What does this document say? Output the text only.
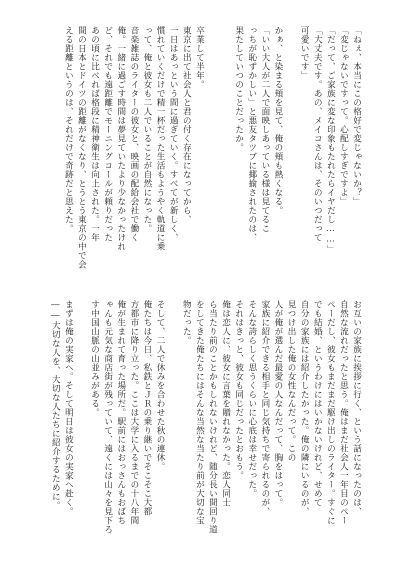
「ねぇ、本当にこの格好で変じゃないか？」
「変じゃないですって。心配しすぎですよ」
「だって、ご家族に変な印象もたれたらイヤだし……」
「大丈夫です。あの、メイコさんは、そのいつだって
可愛いです」
かぁ、と染まる頬を見て、俺の頬も熱くなる。
「いい大人が二人で面映しあっている様は見てるこ
っちが恥ずかしい」と悪友タツブに揶揄されたのは、
果たしていつのことだったか。
卒業して半年。
東京に出て社会人と君の付く存在になってから、
一日はあっという間に過ぎていく。すべてが新しく、
慣れていくだけで精一杯だった生活もようやく軌道に乗
って、俺と彼女も二人でいることが自然になった。
音楽雑誌のライターの彼女と、映画の配給会社で働く
俺。一緒に過ごす時間は夢見ていたより少なかったけれ
ど、それでも遠距離でモーニングコールが頼りだった
あの頃に比べれば格段に精神衛生は向上された。一年
間の日本とドイツの距離がなくなり、とうとう東京の中で会
える距離というのは、それだけで奇跡だと思えた。
お互いの家族に挨拶に行く、という話になったのは、
自然な流れだったと思う。俺はまだ社会人一年目のペー
ペーだし、彼女もまだまだ駆け出しのライター。すぐに
でも結婚、というわけにはいかないけれど、せめて
自分の家族には紹介したかった。俺の隣にいるのが、
見つけ出した俺の女性なんだって。この
人が俺が選んだ最愛の人なんだって、胸をはって。
家族に紹介できる相手と同じ気持ちで寄られるのが、
そんな誇らしく思うくらいに心底は幸せだった。
それはきっと、彼女も同じだったとおもう。
俺は恋人に、彼女に言葉を贈れなかった。恋人同士
ら当たり前のことかもしれないけれど、随分長い間回り道
をしてきた俺たちにはそんな当然な当たり前が大切な宝
物だった。
そして、二人で休みを合わせた秋の連休。
俺たちは今日、私鉄とＪＲの乗り継いでそこそこ大都
方都市に降り立った。ここは大学に入るまでの十八年間
俺が生まれて育った場所だ。駅前にはおっさんもおばち
ゃんも元気な商店街が残っていて、遠くには山々を見下ろ
す中国山脈の山並みがある。
まずは俺の実家へ。そして明日は彼女の実家へ赴く。
――大切な人を、大切な人たちに紹介するために。
